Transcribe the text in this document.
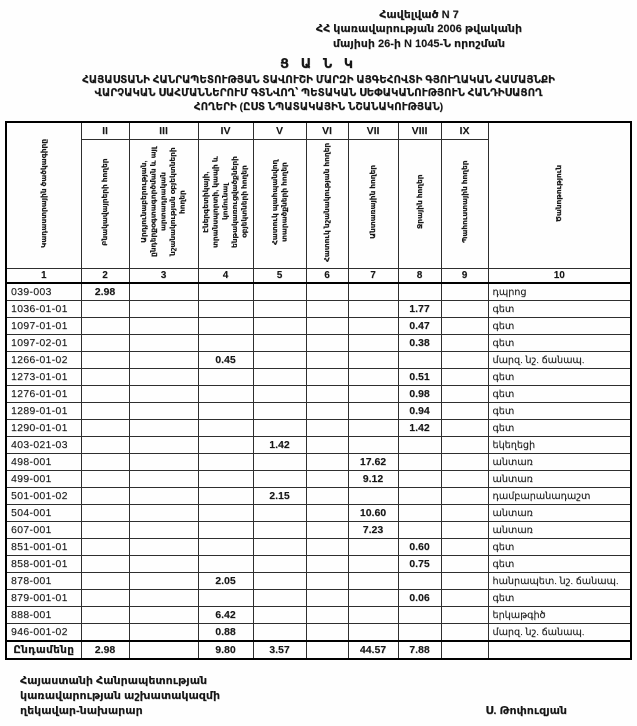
Հավելված N 7
ՀՀ կառավարության 2006 թվականի
մայիսի 26-ի N 1045-Ն որոշման
Ց Ա Ն Կ
ՀԱՅԱՍՏԱՆԻ ՀԱՆՐԱՊԵՏՈՒԹՅԱՆ ՏԱՎՈՒՇԻ ՄԱՐԶԻ ԱՅԳԵՀՈՎՏԻ ԳՅՈՒՂԱԿԱՆ ՀԱՄԱՅՆՔԻ
ՎԱՐՉԱԿԱՆ ՍԱՀՄԱՆՆԵՐՈՒՄ ԳՏՆՎՈՂ՝ ՊԵՏԱԿԱՆ ՍԵՓԱԿԱՆՈՒԹՅՈՒՆ ՀԱՆԴԻՍԱՑՈՂ
ՀՈՂԵՐԻ (ԸՍՏ ՆՊԱՏԱԿԱՅԻՆ ՆՇԱՆԱԿՈՒԹՅԱՆ)
Կադաստրային ծածկագիրը	II	III	IV	V	VI	VII	VIII	IX	Ծանոթություն
	Բնակավայրերի հողեր	Արդյունաբերության, ընդերքօգտագործման և այլ արտադրական նշանակության օբյեկտների հողեր	Էներգետիկայի, տրանսպորտի, կապի և կոմունալ ենթակառուցվածքների օբյեկտների հողեր	Հատուկ պահպանվող տարածքների հողեր	Հատուկ նշանակության հողեր	Անտառային հողեր	Ջրային հողեր	Պահուստային հողեր	
1	2	3	4	5	6	7	8	9	10
039-003	2.98								դպրոց
1036-01-01							1.77		գետ
1097-01-01							0.47		գետ
1097-02-01							0.38		գետ
1266-01-02			0.45						մարզ. նշ. ճանապ.
1273-01-01							0.51		գետ
1276-01-01							0.98		գետ
1289-01-01							0.94		գետ
1290-01-01							1.42		գետ
403-021-03				1.42					եկեղեցի
498-001						17.62			անտառ
499-001						9.12			անտառ
501-001-02				2.15					դամբարանադաշտ
504-001						10.60			անտառ
607-001						7.23			անտառ
851-001-01							0.60		գետ
858-001-01							0.75		գետ
878-001			2.05						հանրապետ. նշ. ճանապ.
879-001-01							0.06		գետ
888-001			6.42						երկաթգիծ
946-001-02			0.88						մարզ. նշ. ճանապ.
Ընդամենը	2.98		9.80	3.57		44.57	7.88		
Հայաստանի Հանրապետության
կառավարության աշխատակազմի
ղեկավար-նախարար	Ս. Թոփուզյան
